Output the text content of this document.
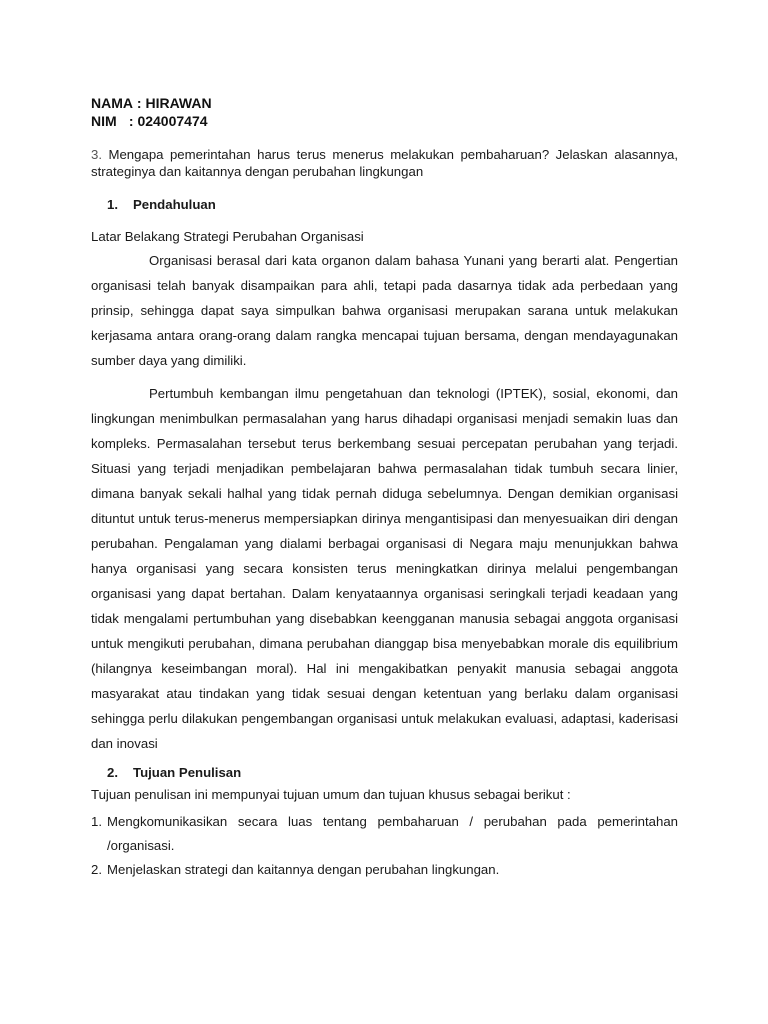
NAMA : HIRAWAN
NIM : 024007474
3. Mengapa pemerintahan harus terus menerus melakukan pembaharuan? Jelaskan alasannya, strateginya dan kaitannya dengan perubahan lingkungan
1. Pendahuluan
Latar Belakang Strategi Perubahan Organisasi

Organisasi berasal dari kata organon dalam bahasa Yunani yang berarti alat. Pengertian organisasi telah banyak disampaikan para ahli, tetapi pada dasarnya tidak ada perbedaan yang prinsip, sehingga dapat saya simpulkan bahwa organisasi merupakan sarana untuk melakukan kerjasama antara orang-orang dalam rangka mencapai tujuan bersama, dengan mendayagunakan sumber daya yang dimiliki.

Pertumbuh kembangan ilmu pengetahuan dan teknologi (IPTEK), sosial, ekonomi, dan lingkungan menimbulkan permasalahan yang harus dihadapi organisasi menjadi semakin luas dan kompleks. Permasalahan tersebut terus berkembang sesuai percepatan perubahan yang terjadi. Situasi yang terjadi menjadikan pembelajaran bahwa permasalahan tidak tumbuh secara linier, dimana banyak sekali halhal yang tidak pernah diduga sebelumnya. Dengan demikian organisasi dituntut untuk terus-menerus mempersiapkan dirinya mengantisipasi dan menyesuaikan diri dengan perubahan. Pengalaman yang dialami berbagai organisasi di Negara maju menunjukkan bahwa hanya organisasi yang secara konsisten terus meningkatkan dirinya melalui pengembangan organisasi yang dapat bertahan. Dalam kenyataannya organisasi seringkali terjadi keadaan yang tidak mengalami pertumbuhan yang disebabkan keengganan manusia sebagai anggota organisasi untuk mengikuti perubahan, dimana perubahan dianggap bisa menyebabkan morale dis equilibrium (hilangnya keseimbangan moral). Hal ini mengakibatkan penyakit manusia sebagai anggota masyarakat atau tindakan yang tidak sesuai dengan ketentuan yang berlaku dalam organisasi sehingga perlu dilakukan pengembangan organisasi untuk melakukan evaluasi, adaptasi, kaderisasi dan inovasi

2. Tujuan Penulisan
Tujuan penulisan ini mempunyai tujuan umum dan tujuan khusus sebagai berikut :
1. Mengkomunikasikan secara luas tentang pembaharuan / perubahan pada pemerintahan /organisasi.
2. Menjelaskan strategi dan kaitannya dengan perubahan lingkungan.
